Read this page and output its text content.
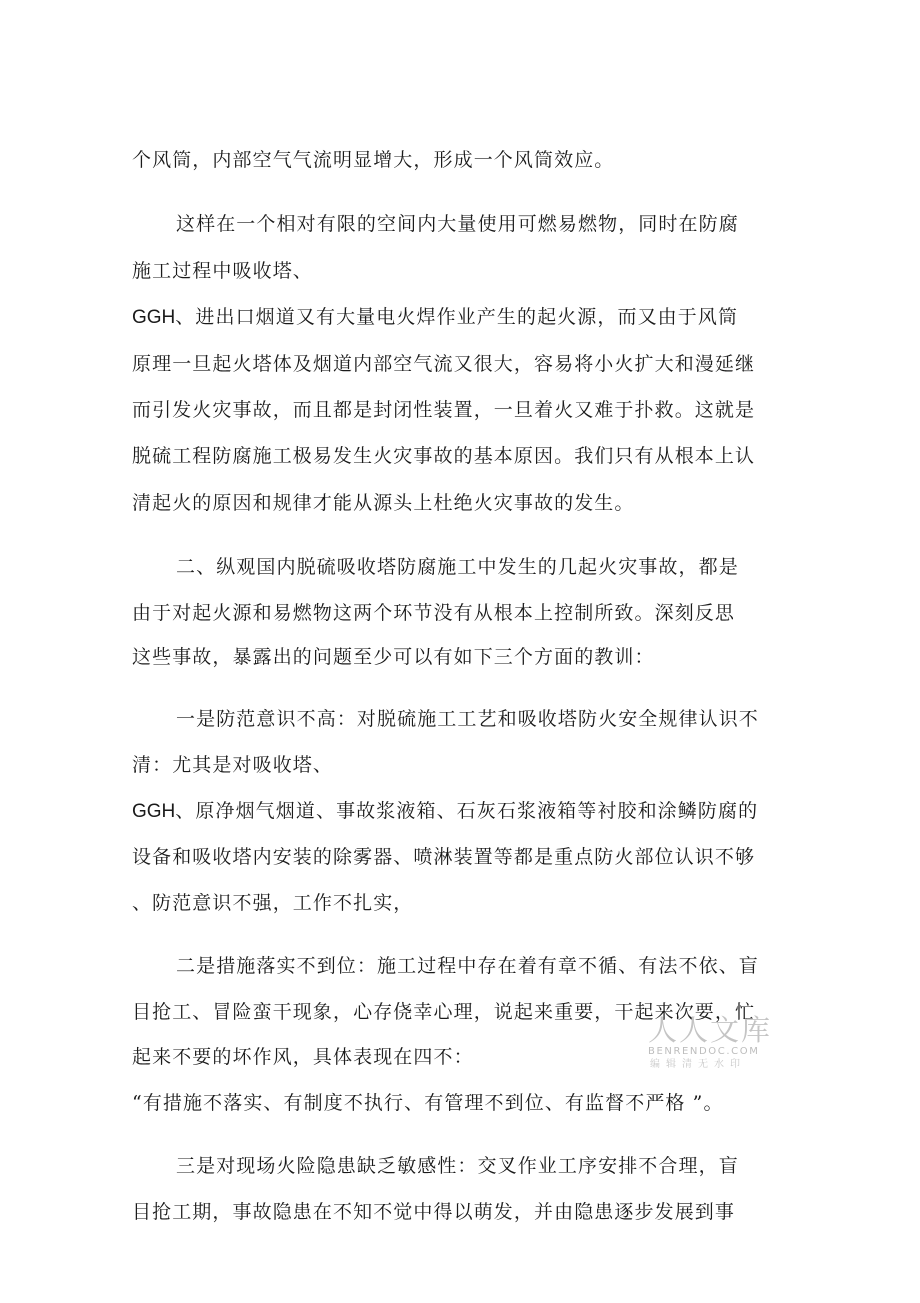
个风筒，内部空气气流明显增大，形成一个风筒效应。
这样在一个相对有限的空间内大量使用可燃易燃物，同时在防腐
施工过程中吸收塔、
GGH、进出口烟道又有大量电火焊作业产生的起火源，而又由于风筒
原理一旦起火塔体及烟道内部空气流又很大，容易将小火扩大和漫延继
而引发火灾事故，而且都是封闭性装置，一旦着火又难于扑救。这就是
脱硫工程防腐施工极易发生火灾事故的基本原因。我们只有从根本上认
清起火的原因和规律才能从源头上杜绝火灾事故的发生。
二、纵观国内脱硫吸收塔防腐施工中发生的几起火灾事故，都是
由于对起火源和易燃物这两个环节没有从根本上控制所致。深刻反思
这些事故，暴露出的问题至少可以有如下三个方面的教训：
一是防范意识不高：对脱硫施工工艺和吸收塔防火安全规律认识不
清：尤其是对吸收塔、
GGH、原净烟气烟道、事故浆液箱、石灰石浆液箱等衬胶和涂鳞防腐的
设备和吸收塔内安装的除雾器、喷淋装置等都是重点防火部位认识不够
、防范意识不强，工作不扎实，
二是措施落实不到位：施工过程中存在着有章不循、有法不依、盲
目抢工、冒险蛮干现象，心存侥幸心理，说起来重要，干起来次要，忙
起来不要的坏作风，具体表现在四不：
“有措施不落实、有制度不执行、有管理不到位、有监督不严格 ”。
三是对现场火险隐患缺乏敏感性：交叉作业工序安排不合理，盲
目抢工期，事故隐患在不知不觉中得以萌发，并由隐患逐步发展到事
人人文库
BENRENDOC.COM
编辑清无水印
